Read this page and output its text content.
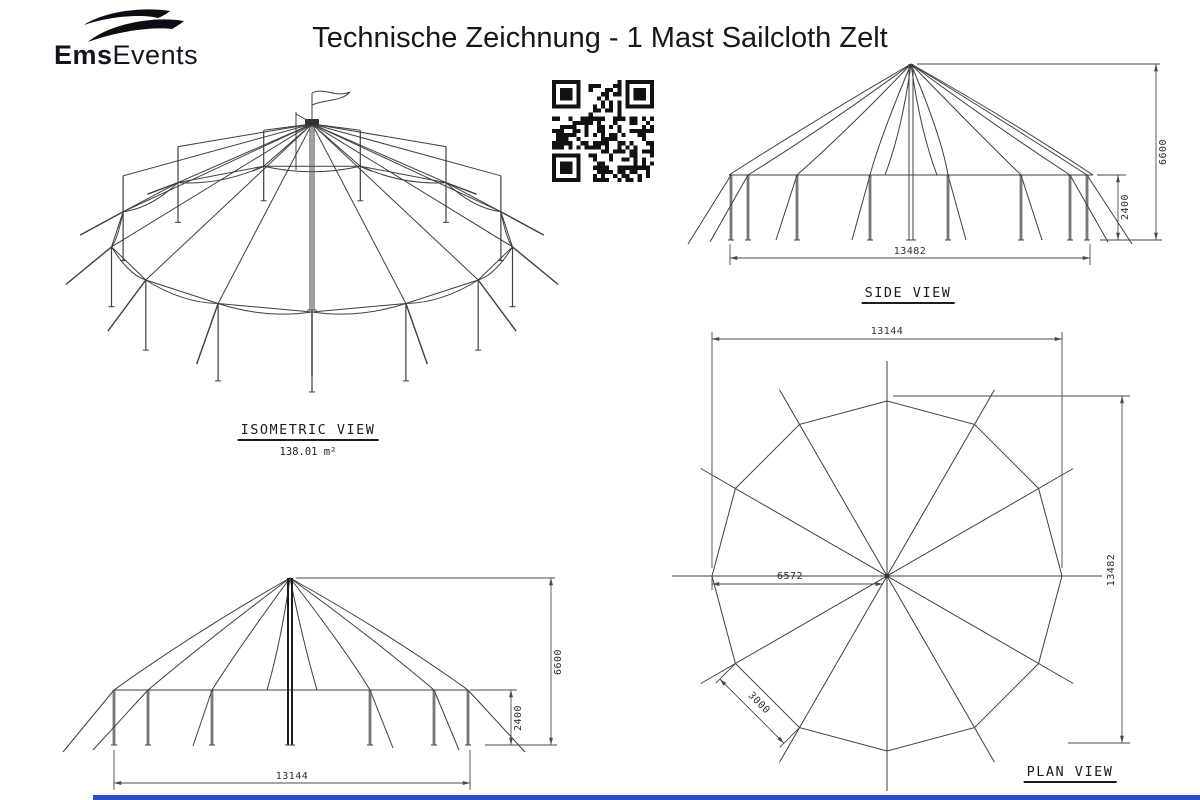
EmsEvents
Technische Zeichnung - 1 Mast Sailcloth Zelt
ISOMETRIC VIEW
138.01 m²
13482
6600
2400
SIDE VIEW
13144
6600
2400
13144
13482
6572
3000
PLAN VIEW
